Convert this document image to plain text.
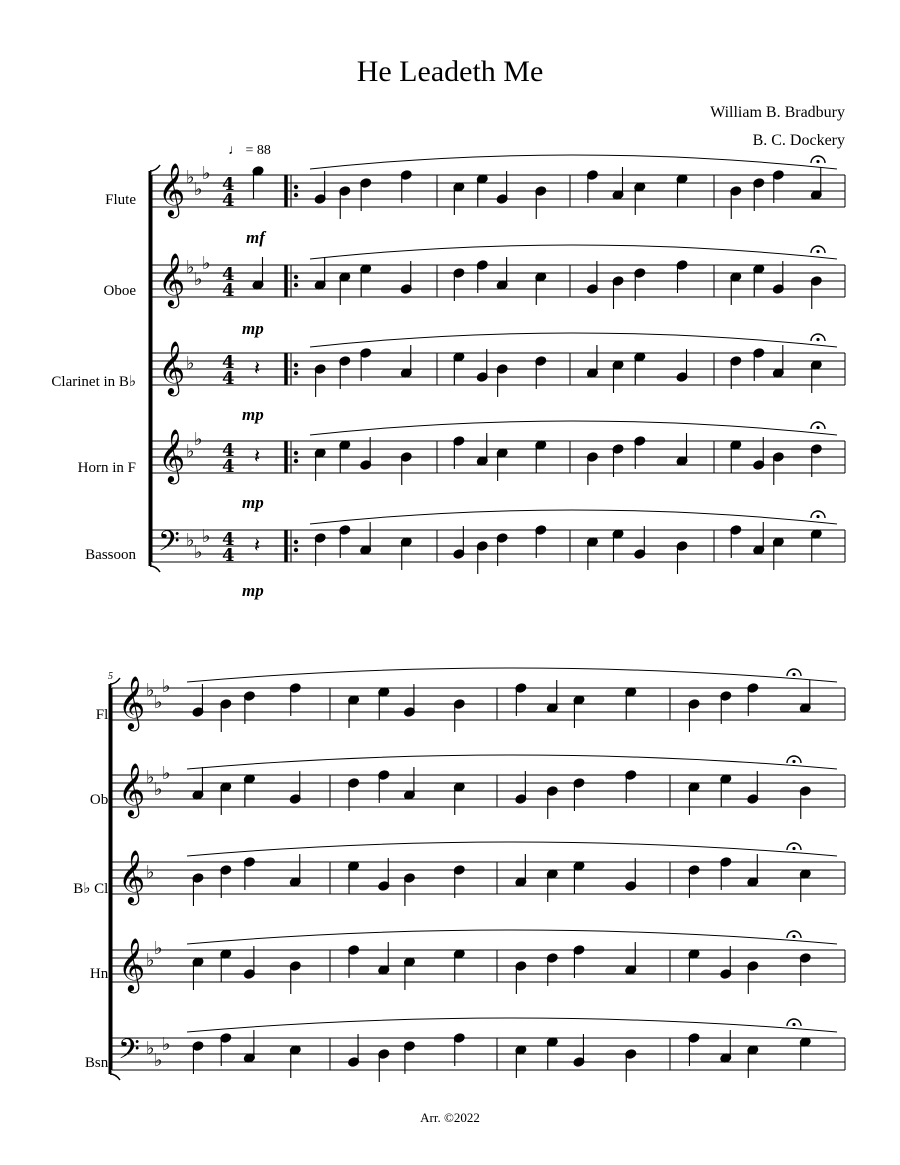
He Leadeth Me
William B. Bradbury
B. C. Dockery
♩ = 88
Flute
Oboe
Clarinet in B♭
Horn in F
Bassoon
Fl.
Ob.
B♭ Cl.
Hn.
Bsn.
5
Arr. ©2022
𝄞
𝄞
𝄞
𝄞
𝄢
𝄞
𝄞
𝄞
𝄞
𝄢
♭
♭
♭
4
4
♭
♭
♭
4
4
♭
♭
♭ 4
4
♭ 4
4
♭
♭
4
4
♭
♭
♭
♭
♭
♭
♭
♭
♭
♭
♭
♭
𝄽
𝄽
𝄽
mf
mp
mp
mp
mp
